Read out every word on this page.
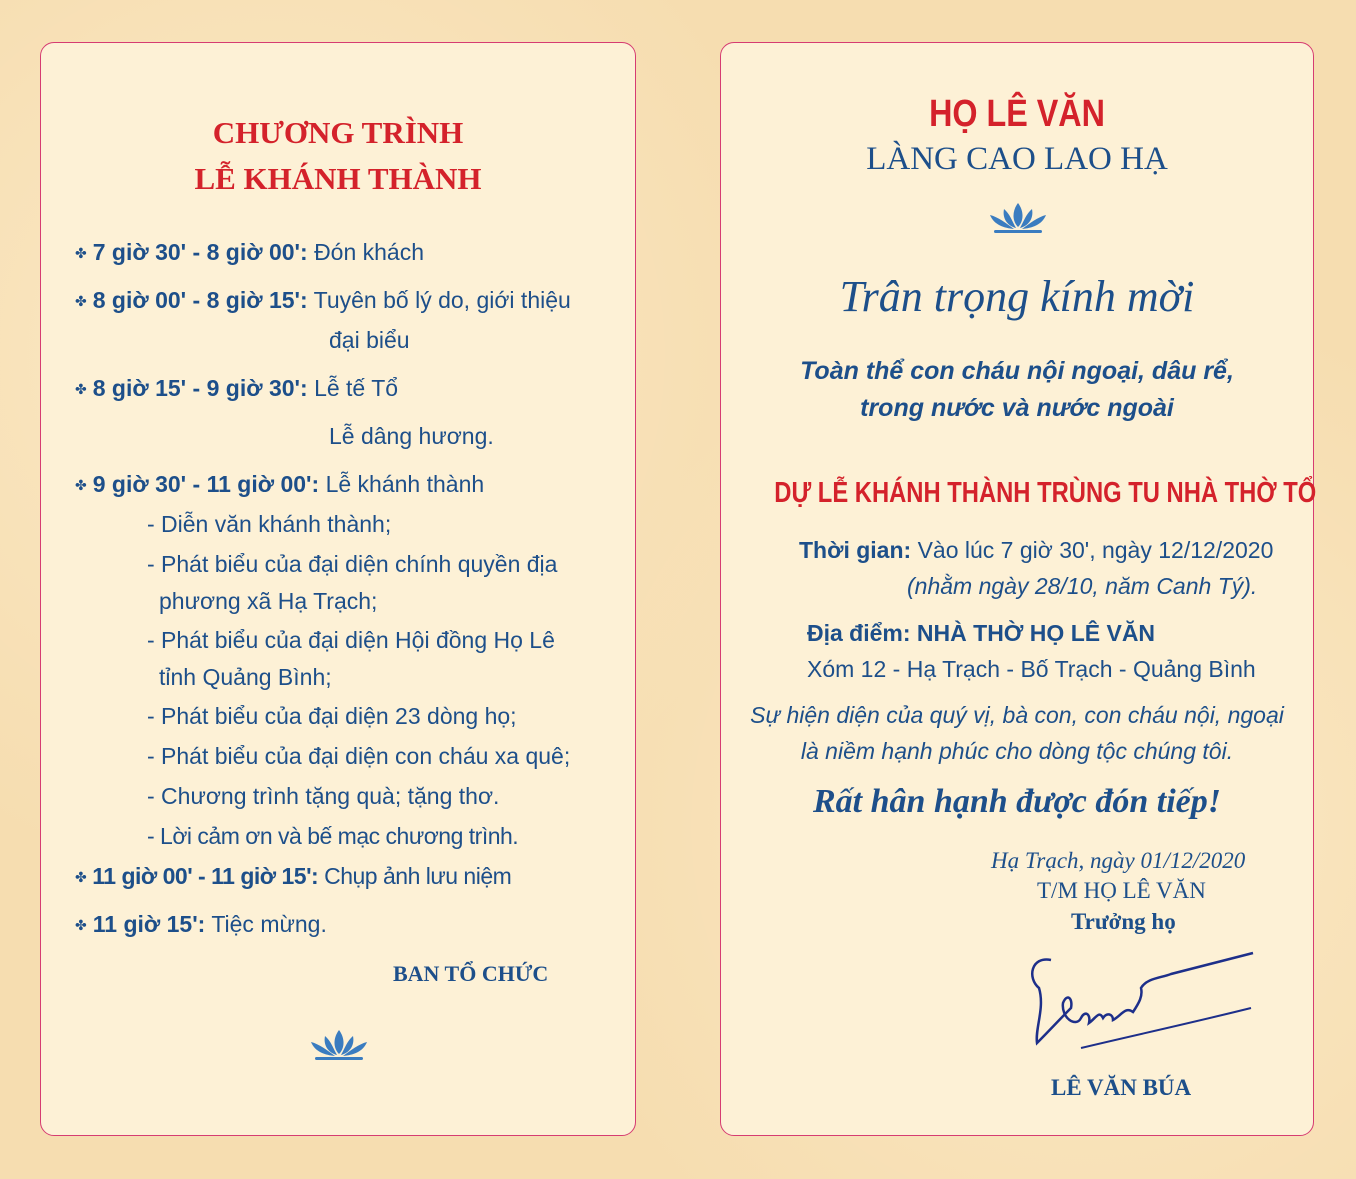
CHƯƠNG TRÌNH
LỄ KHÁNH THÀNH
✤ 7 giờ 30' - 8 giờ 00': Đón khách
✤ 8 giờ 00' - 8 giờ 15': Tuyên bố lý do, giới thiệu
đại biểu
✤ 8 giờ 15' - 9 giờ 30': Lễ tế Tổ
Lễ dâng hương.
✤ 9 giờ 30' - 11 giờ 00': Lễ khánh thành
- Diễn văn khánh thành;
- Phát biểu của đại diện chính quyền địa
phương xã Hạ Trạch;
- Phát biểu của đại diện Hội đồng Họ Lê
tỉnh Quảng Bình;
- Phát biểu của đại diện 23 dòng họ;
- Phát biểu của đại diện con cháu xa quê;
- Chương trình tặng quà; tặng thơ.
- Lời cảm ơn và bế mạc chương trình.
✤ 11 giờ 00' - 11 giờ 15': Chụp ảnh lưu niệm
✤ 11 giờ 15': Tiệc mừng.
BAN TỔ CHỨC
HỌ LÊ VĂN
LÀNG CAO LAO HẠ
Trân trọng kính mời
Toàn thể con cháu nội ngoại, dâu rể,
trong nước và nước ngoài
DỰ LỄ KHÁNH THÀNH TRÙNG TU NHÀ THỜ TỔ
Thời gian: Vào lúc 7 giờ 30', ngày 12/12/2020
(nhằm ngày 28/10, năm Canh Tý).
Địa điểm: NHÀ THỜ HỌ LÊ VĂN
Xóm 12 - Hạ Trạch - Bố Trạch - Quảng Bình
Sự hiện diện của quý vị, bà con, con cháu nội, ngoại
là niềm hạnh phúc cho dòng tộc chúng tôi.
Rất hân hạnh được đón tiếp!
Hạ Trạch, ngày 01/12/2020
T/M HỌ LÊ VĂN
Trưởng họ
LÊ VĂN BÚA
